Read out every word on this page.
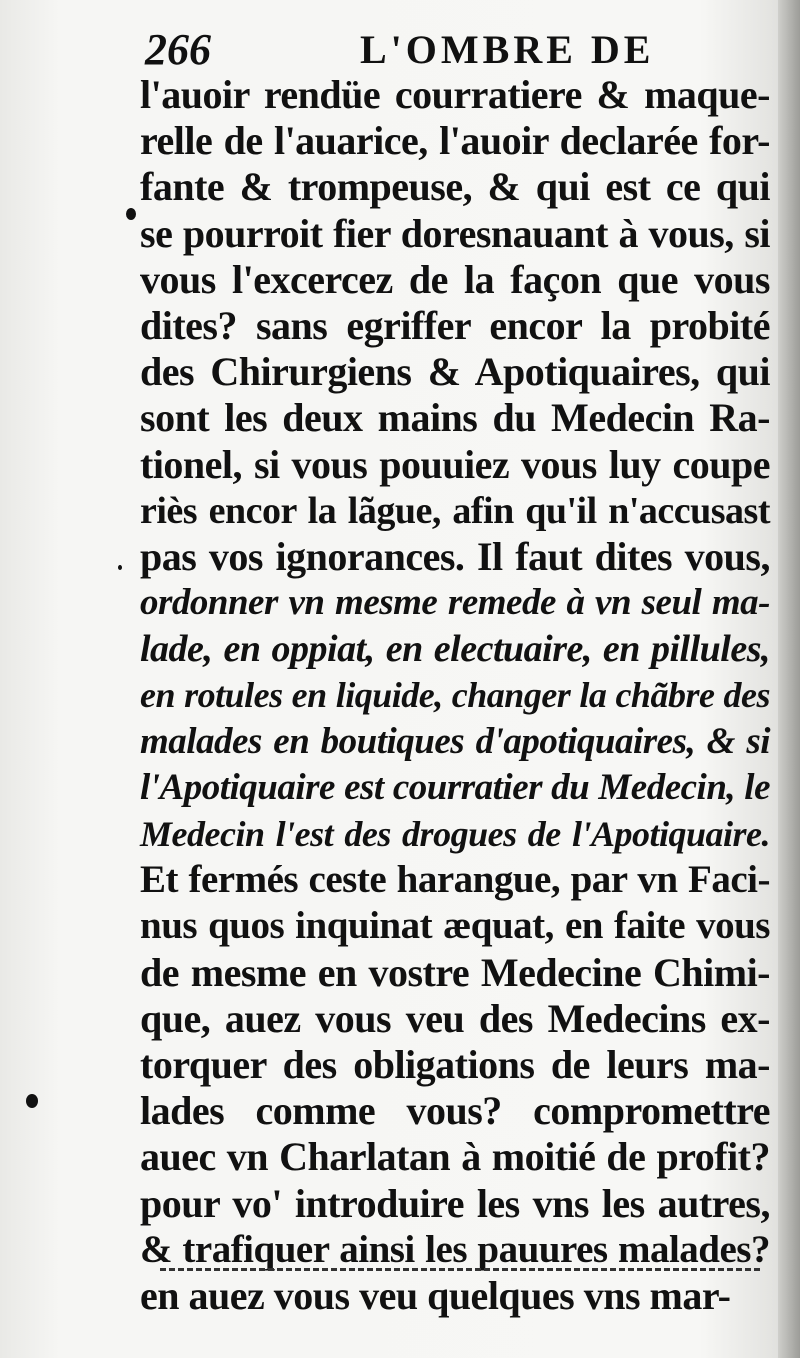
266	L'OMBRE DE
l'auoir rendüe courratiere & maque-
relle de l'auarice, l'auoir declarée for-
fante & trompeuse, & qui est ce qui
se pourroit fier doresnauant à vous, si
vous l'excercez de la façon que vous
dites? sans egriffer encor la probité
des Chirurgiens & Apotiquaires, qui
sont les deux mains du Medecin Ra-
tionel, si vous pouuiez vous luy coupe
riès encor la lãgue, afin qu'il n'accusast
pas vos ignorances. Il faut dites vous,
ordonner vn mesme remede à vn seul ma-
lade, en oppiat, en electuaire, en pillules,
en rotules en liquide, changer la chãbre des
malades en boutiques d'apotiquaires, & si
l'Apotiquaire est courratier du Medecin, le
Medecin l'est des drogues de l'Apotiquaire.
Et fermés ceste harangue, par vn Faci-
nus quos inquinat æquat, en faite vous
de mesme en vostre Medecine Chimi-
que, auez vous veu des Medecins ex-
torquer des obligations de leurs ma-
lades comme vous? compromettre
auec vn Charlatan à moitié de profit?
pour vo' introduire les vns les autres,
& trafiquer ainsi les pauures malades?
en auez vous veu quelques vns mar-
